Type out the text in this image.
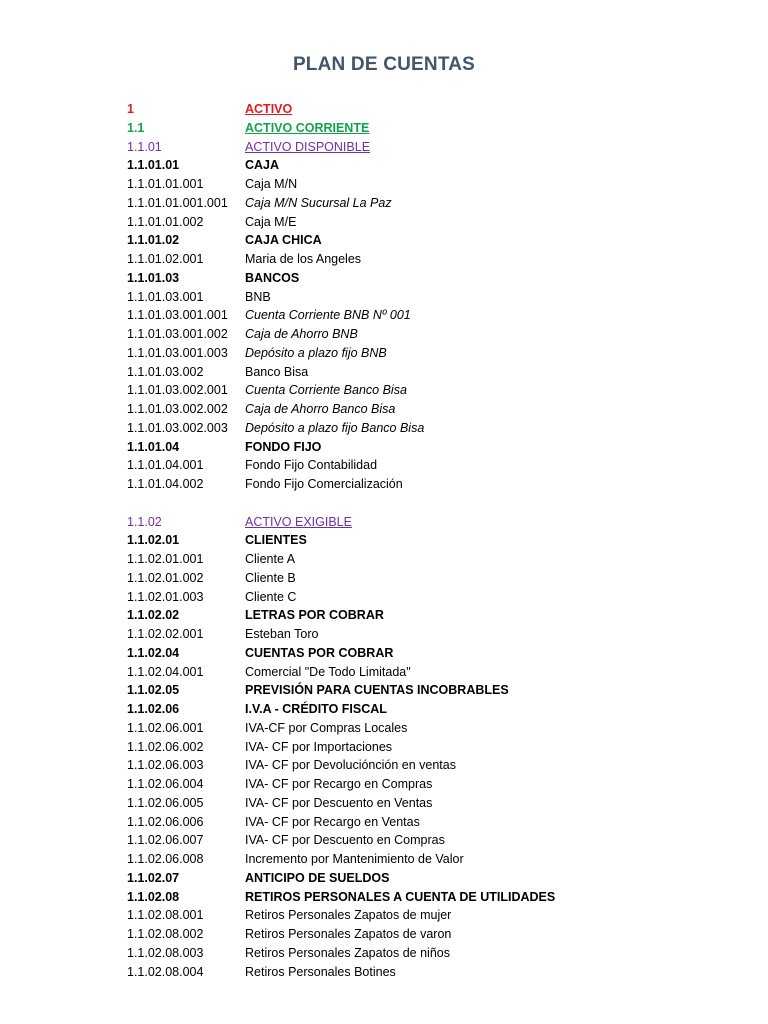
PLAN DE CUENTAS
1	ACTIVO
1.1	ACTIVO CORRIENTE
1.1.01	ACTIVO DISPONIBLE
1.1.01.01	CAJA
1.1.01.01.001	Caja M/N
1.1.01.01.001.001	Caja M/N Sucursal La Paz
1.1.01.01.002	Caja M/E
1.1.01.02	CAJA CHICA
1.1.01.02.001	Maria de los Angeles
1.1.01.03	BANCOS
1.1.01.03.001	BNB
1.1.01.03.001.001	Cuenta Corriente BNB Nº 001
1.1.01.03.001.002	Caja de Ahorro BNB
1.1.01.03.001.003	Depósito a plazo fijo BNB
1.1.01.03.002	Banco Bisa
1.1.01.03.002.001	Cuenta Corriente Banco Bisa
1.1.01.03.002.002	Caja de Ahorro Banco Bisa
1.1.01.03.002.003	Depósito a plazo fijo Banco Bisa
1.1.01.04	FONDO FIJO
1.1.01.04.001	Fondo Fijo Contabilidad
1.1.01.04.002	Fondo Fijo Comercialización
1.1.02	ACTIVO EXIGIBLE
1.1.02.01	CLIENTES
1.1.02.01.001	Cliente A
1.1.02.01.002	Cliente B
1.1.02.01.003	Cliente C
1.1.02.02	LETRAS POR COBRAR
1.1.02.02.001	Esteban Toro
1.1.02.04	CUENTAS POR COBRAR
1.1.02.04.001	Comercial "De Todo Limitada"
1.1.02.05	PREVISIÓN PARA CUENTAS INCOBRABLES
1.1.02.06	I.V.A - CRÉDITO FISCAL
1.1.02.06.001	IVA-CF por Compras Locales
1.1.02.06.002	IVA- CF por Importaciones
1.1.02.06.003	IVA- CF por Devoluciónción en ventas
1.1.02.06.004	IVA- CF por Recargo en Compras
1.1.02.06.005	IVA- CF por Descuento en Ventas
1.1.02.06.006	IVA- CF por Recargo en Ventas
1.1.02.06.007	IVA- CF por Descuento en Compras
1.1.02.06.008	Incremento por Mantenimiento de Valor
1.1.02.07	ANTICIPO DE SUELDOS
1.1.02.08	RETIROS PERSONALES A CUENTA DE UTILIDADES
1.1.02.08.001	Retiros Personales Zapatos de mujer
1.1.02.08.002	Retiros Personales Zapatos de varon
1.1.02.08.003	Retiros Personales Zapatos de niños
1.1.02.08.004	Retiros Personales Botines
